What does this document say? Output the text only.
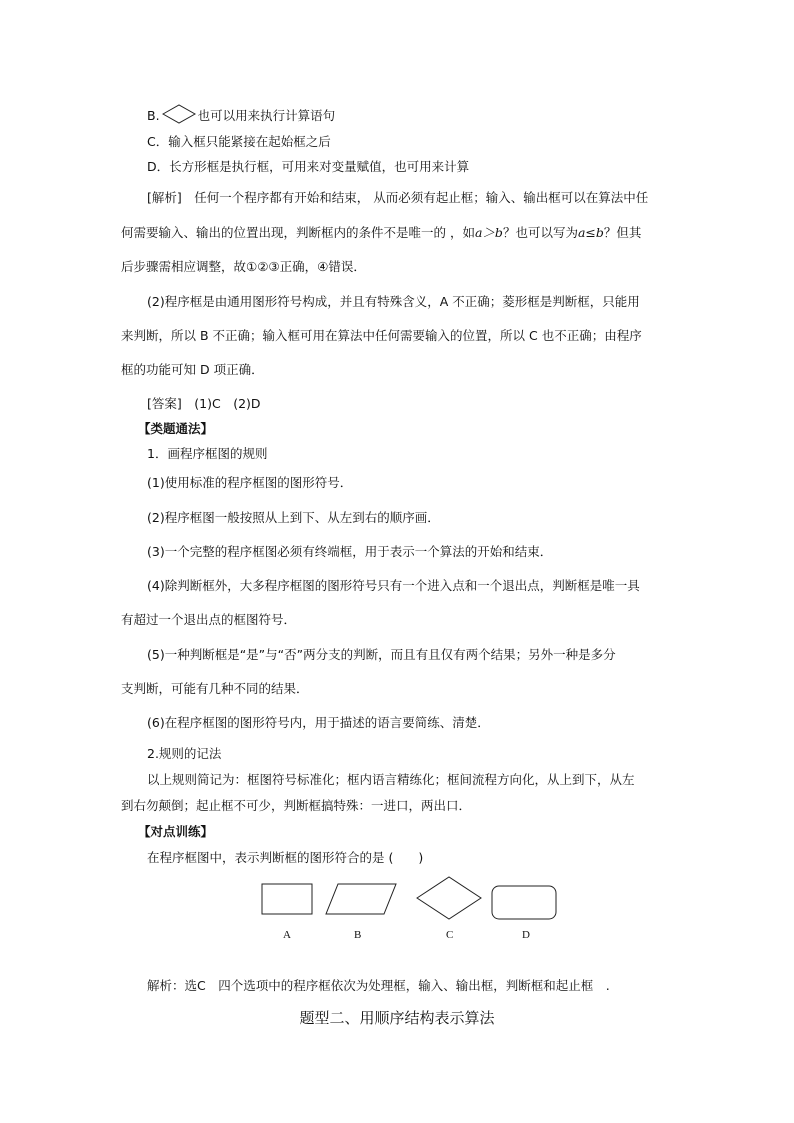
B.	也可以用来执行计算语句
C．输入框只能紧接在起始框之后
D．长方形框是执行框，可用来对变量赋值，也可用来计算
[解析]　任何一个程序都有开始和结束， 从而必须有起止框；输入、输出框可以在算法中任
何需要输入、输出的位置出现，判断框内的条件不是唯一的 ，如a＞b？也可以写为a≤b？但其
后步骤需相应调整，故①②③正确，④错误．
(2)程序框是由通用图形符号构成，并且有特殊含义，A 不正确；菱形框是判断框，只能用
来判断，所以 B 不正确；输入框可用在算法中任何需要输入的位置，所以 C 也不正确；由程序
框的功能可知 D 项正确．
[答案]　(1)C　(2)D
【类题通法】
1．画程序框图的规则
(1)使用标准的程序框图的图形符号．
(2)程序框图一般按照从上到下、从左到右的顺序画．
(3)一个完整的程序框图必须有终端框，用于表示一个算法的开始和结束．
(4)除判断框外，大多程序框图的图形符号只有一个进入点和一个退出点，判断框是唯一具
有超过一个退出点的框图符号．
(5)一种判断框是“是”与“否”两分支的判断，而且有且仅有两个结果；另外一种是多分
支判断，可能有几种不同的结果．
(6)在程序框图的图形符号内，用于描述的语言要简练、清楚．
2.规则的记法
以上规则简记为：框图符号标准化；框内语言精练化；框间流程方向化，从上到下，从左
到右勿颠倒；起止框不可少，判断框搞特殊：一进口，两出口．
【对点训练】
在程序框图中，表示判断框的图形符合的是 (　　)
A	B	C	D
解析：选C　四个选项中的程序框依次为处理框，输入、输出框，判断框和起止框　.
题型二、用顺序结构表示算法
